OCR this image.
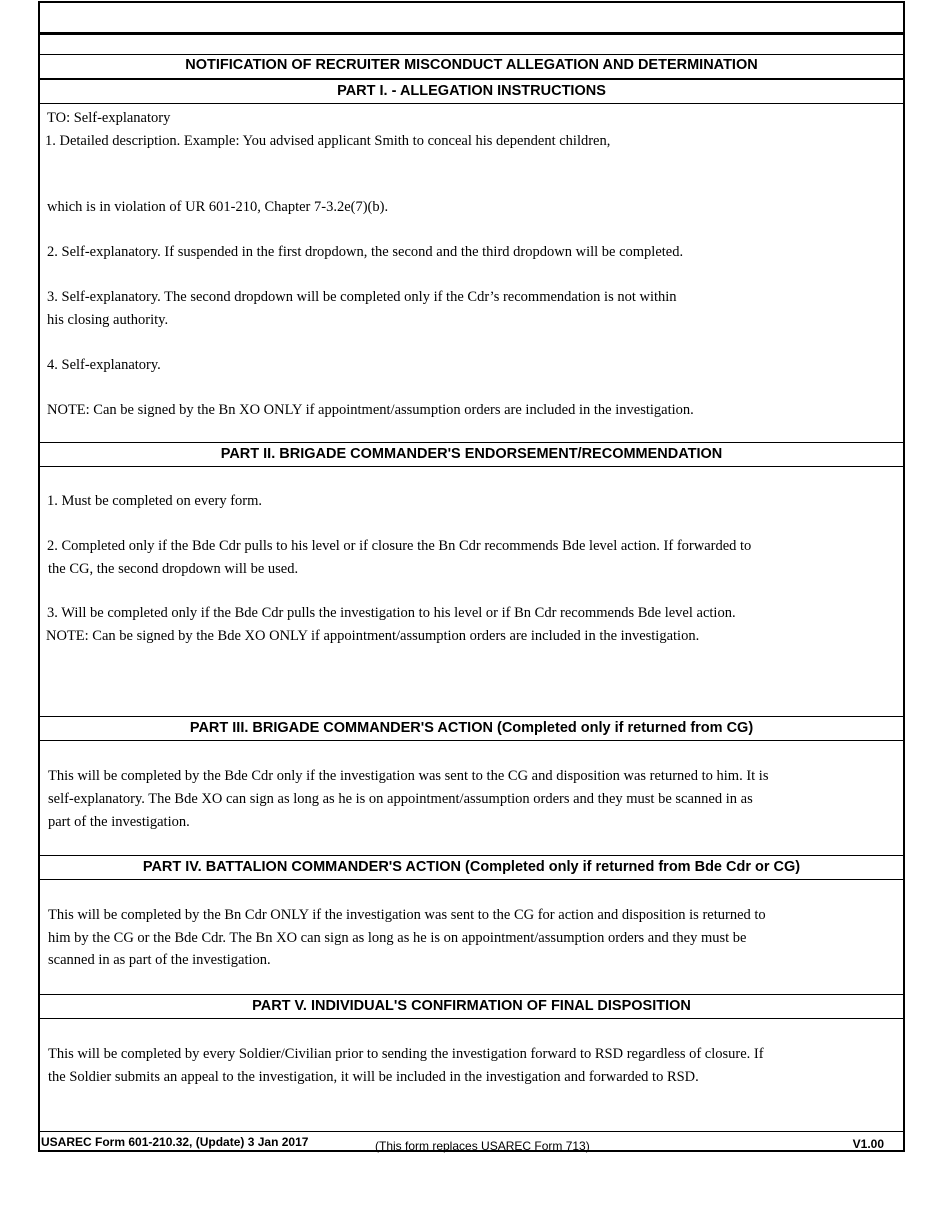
NOTIFICATION OF RECRUITER MISCONDUCT ALLEGATION AND DETERMINATION
PART I. - ALLEGATION INSTRUCTIONS
TO: Self-explanatory
1. Detailed description. Example: You advised applicant Smith to conceal his dependent children,
which is in violation of UR 601-210, Chapter 7-3.2e(7)(b).
2. Self-explanatory. If suspended in the first dropdown, the second and the third dropdown will be completed.
3. Self-explanatory. The second dropdown will be completed only if the Cdr’s recommendation is not within
his closing authority.
4. Self-explanatory.
NOTE: Can be signed by the Bn XO ONLY if appointment/assumption orders are included in the investigation.
PART II. BRIGADE COMMANDER'S ENDORSEMENT/RECOMMENDATION
1. Must be completed on every form.
2. Completed only if the Bde Cdr pulls to his level or if closure the Bn Cdr recommends Bde level action. If forwarded to
the CG, the second dropdown will be used.
3. Will be completed only if the Bde Cdr pulls the investigation to his level or if Bn Cdr recommends Bde level action.
NOTE: Can be signed by the Bde XO ONLY if appointment/assumption orders are included in the investigation.
PART III. BRIGADE COMMANDER'S ACTION (Completed only if returned from CG)
This will be completed by the Bde Cdr only if the investigation was sent to the CG and disposition was returned to him. It is
self-explanatory. The Bde XO can sign as long as he is on appointment/assumption orders and they must be scanned in as
part of the investigation.
PART IV. BATTALION COMMANDER'S ACTION (Completed only if returned from Bde Cdr or CG)
This will be completed by the Bn Cdr ONLY if the investigation was sent to the CG for action and disposition is returned to
him by the CG or the Bde Cdr. The Bn XO can sign as long as he is on appointment/assumption orders and they must be
scanned in as part of the investigation.
PART V. INDIVIDUAL'S CONFIRMATION OF FINAL DISPOSITION
This will be completed by every Soldier/Civilian prior to sending the investigation forward to RSD regardless of closure. If
the Soldier submits an appeal to the investigation, it will be included in the investigation and forwarded to RSD.
USAREC Form 601-210.32, (Update) 3 Jan 2017	(This form replaces USAREC Form 713)	V1.00
